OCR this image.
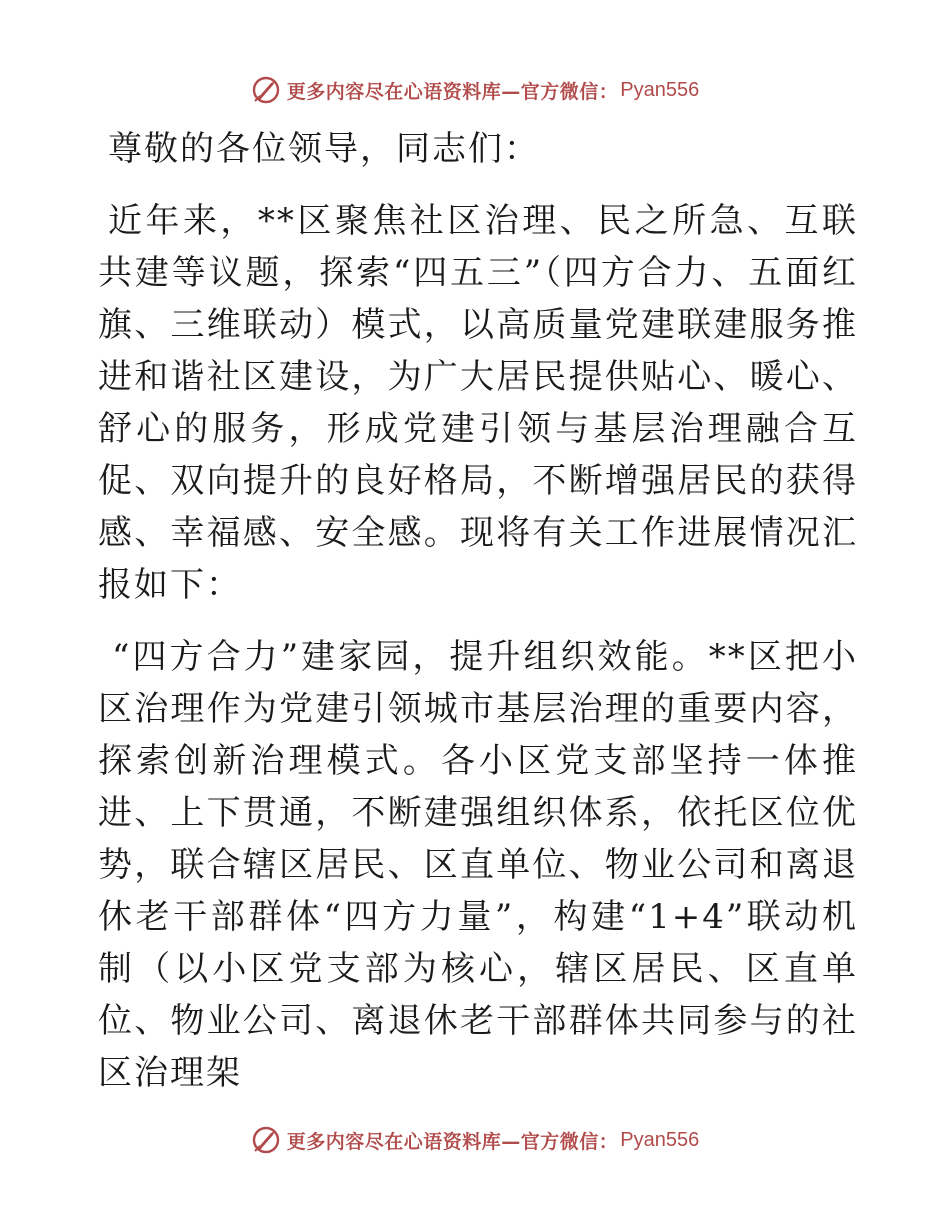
更多内容尽在心语资料库—官方微信： Pyan556

尊敬的各位领导，同志们：

近年来，**区聚焦社区治理、民之所急、互联共建等议题，探索“四五三”（四方合力、五面红旗、三维联动）模式，以高质量党建联建服务推进和谐社区建设，为广大居民提供贴心、暖心、舒心的服务，形成党建引领与基层治理融合互促、双向提升的良好格局，不断增强居民的获得感、幸福感、安全感。现将有关工作进展情况汇报如下：

“四方合力”建家园，提升组织效能。**区把小区治理作为党建引领城市基层治理的重要内容，探索创新治理模式。各小区党支部坚持一体推进、上下贯通，不断建强组织体系，依托区位优势，联合辖区居民、区直单位、物业公司和离退休老干部群体“四方力量”，构建“1+4”联动机制（以小区党支部为核心，辖区居民、区直单位、物业公司、离退休老干部群体共同参与的社区治理架

更多内容尽在心语资料库—官方微信： Pyan556
